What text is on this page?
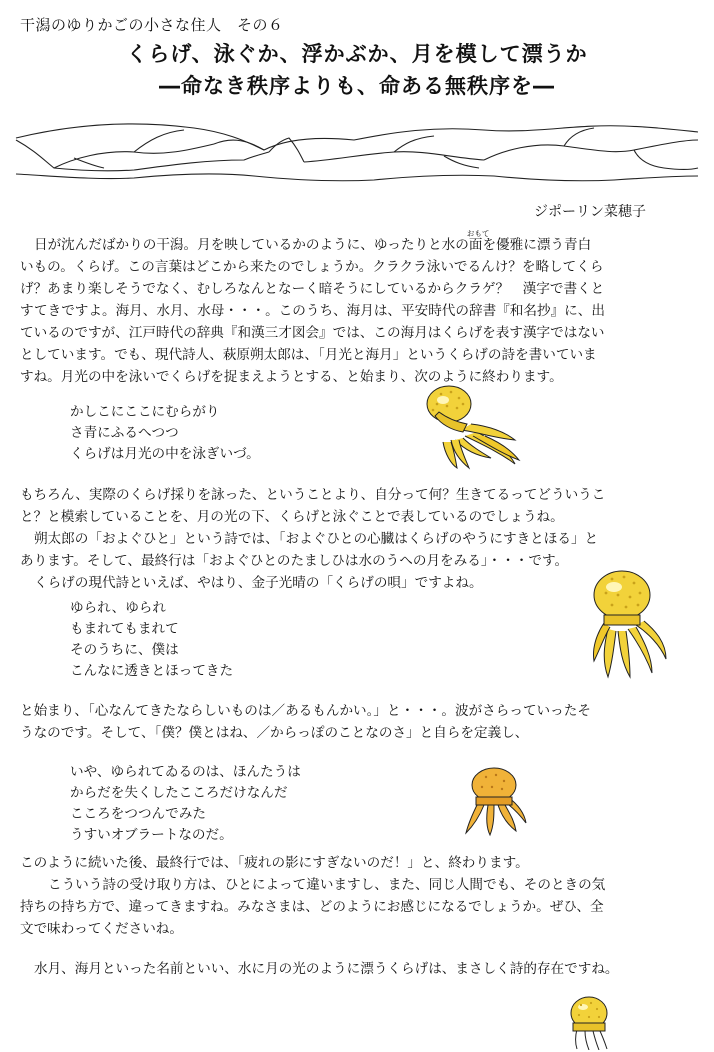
干潟のゆりかごの小さな住人　その６
くらげ、泳ぐか、浮かぶか、月を模して漂うか
―命なき秩序よりも、命ある無秩序を―
ジポーリン菜穂子
日が沈んだばかりの干潟。月を映しているかのように、ゆったりと水の
おもて
面を優雅に漂う青白
いもの。くらげ。この言葉はどこから来たのでしょうか。クラクラ泳いでるんけ？を略してくら
げ？あまり楽しそうでなく、むしろなんとなーく暗そうにしているからクラゲ？　漢字で書くと
すてきですよ。海月、水月、水母・・・。このうち、海月は、平安時代の辞書『和名抄』に、出
ているのですが、江戸時代の辞典『和漢三才図会』では、この海月はくらげを表す漢字ではない
としています。でも、現代詩人、萩原朔太郎は、「月光と海月」というくらげの詩を書いていま
すね。月光の中を泳いでくらげを捉まえようとする、と始まり、次のように終わります。
かしこにここにむらがり
さ青にふるへつつ
くらげは月光の中を泳ぎいづ。
もちろん、実際のくらげ採りを詠った、ということより、自分って何？生きてるってどういうこ
と？と模索していることを、月の光の下、くらげと泳ぐことで表しているのでしょうね。
朔太郎の「およぐひと」という詩では、「およぐひとの心臓はくらげのやうにすきとほる」と
あります。そして、最終行は「およぐひとのたましひは水のうへの月をみる」・・・です。
くらげの現代詩といえば、やはり、金子光晴の「くらげの唄」ですよね。
ゆられ、ゆられ
もまれてもまれて
そのうちに、僕は
こんなに透きとほってきた
と始まり、「心なんてきたならしいものは／あるもんかい。」と・・・。波がさらっていったそ
うなのです。そして、「僕？僕とはね、／からっぽのことなのさ」と自らを定義し、
いや、ゆられてゐるのは、ほんたうは
からだを失くしたこころだけなんだ
こころをつつんでみた
うすいオブラートなのだ。
このように続いた後、最終行では、「疲れの影にすぎないのだ！」と、終わります。
こういう詩の受け取り方は、ひとによって違いますし、また、同じ人間でも、そのときの気
持ちの持ち方で、違ってきますね。みなさまは、どのようにお感じになるでしょうか。ぜひ、全
文で味わってくださいね。
水月、海月といった名前といい、水に月の光のように漂うくらげは、まさしく詩的存在ですね。
